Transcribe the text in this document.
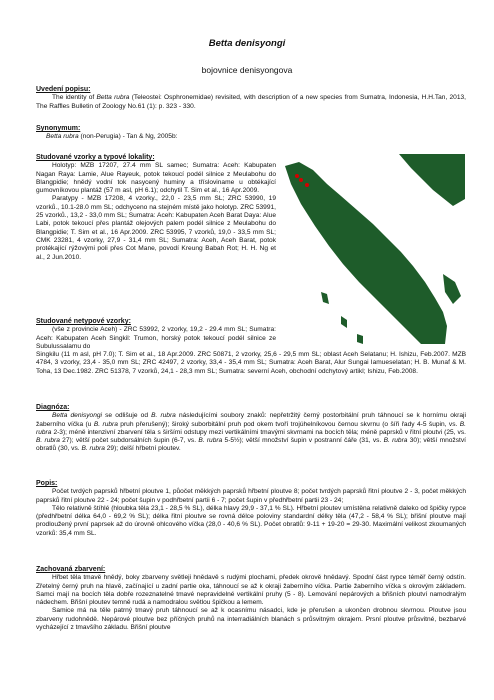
Betta denisyongi
bojovnice denisyongova
Uvedení popisu:
The identity of Betta rubra (Teleostei: Osphronemidae) revisited, with description of a new species from Sumatra, Indonesia, H.H.Tan, 2013, The Raffles Bulletin of Zoology No.61 (1): p. 323 - 330.
Synonymum:
Betta rubra (non-Perugia) - Tan & Ng, 2005b:
Studované vzorky a typové lokality:
Holotyp: MZB 17207, 27.4 mm SL samec; Sumatra: Aceh: Kabupaten Nagan Raya: Lamie, Alue Rayeuk, potok tekoucí podél silnice z Meulabohu do Blangpidie; hnědý vodní tok nasycený huminy a třísloviname u obtékající gumovníkovou plantáž (57 m asl, pH 6.1); odchytil T. Sim et al., 16 Apr.2009.
Paratypy - MZB 17208, 4 vzorky., 22,0 - 23,5 mm SL; ZRC 53990, 19 vzorků., 10.1-28.0 mm SL; odchyceno na stejném místě jako holotyp. ZRC 53991, 25 vzorků., 13,2 - 33,0 mm SL; Sumatra: Aceh: Kabupaten Aceh Barat Daya: Alue Labi, potok tekoucí přes plantáž olejových palem podél silnice z Meulabohu do Blangpidie; T. Sim et al., 16 Apr.2009. ZRC 53995, 7 vzorků, 19,0 - 33,5 mm SL; CMK 23281, 4 vzorky, 27,9 - 31,4 mm SL; Sumatra: Aceh, Aceh Barat, potok protékající rýžovými poli přes Cot Mane, povodí Kreung Babah Rot; H. H. Ng et al., 2 Jun.2010.
Studované netypové vzorky:
(vše z provincie Aceh) - ZRC 53992, 2 vzorky, 19,2 - 29.4 mm SL; Sumatra: Aceh: Kabupaten Aceh Singkil: Trumon, horský potok tekoucí podél silnice ze Subulussalamu do
Singkilu (11 m asl, pH 7.0); T. Sim et al., 18 Apr.2009. ZRC 50871, 2 vzorky, 25,6 - 29,5 mm SL; oblast Aceh Selatanu; H. Ishizu, Feb.2007. MZB 4784, 3 vzorky, 23,4 - 35,0 mm SL; ZRC 42497, 2 vzorky, 33,4 - 35,4 mm SL; Sumatra: Aceh Barat, Alur Sungai Iamueselatan; H. B. Munaf & M. Toha, 13 Dec.1982. ZRC 51378, 7 vzorků, 24,1 - 28,3 mm SL; Sumatra: severní Aceh, obchodní odchytový artikl; Ishizu, Feb.2008.
Diagnóza:
Betta denisyongi se odlišuje od B. rubra následujícími soubory znaků: nepřetržitý černý postorbitální pruh táhnoucí se k hornímu okraji žaberního víčka (u B. rubra pruh přerušený); široký suborbitální pruh pod okem tvoří trojúhelníkovou černou skvrnu (o šíři řady 4-5 šupin, vs. B. rubra 2-3); méně intenzivní zbarvení těla s širšími odstupy mezi vertikálními tmavými skvrnami na bocích těla; méně paprsků v řitní ploutvi (25, vs. B. rubra 27); větší počet subdorsálních šupin (6-7, vs. B. rubra 5-5½); větší množství šupin v postranní čáře (31, vs. B. rubra 30); větší množství obratlů (30, vs. B. rubra 29); delší hřbetní ploutev.
Popis:
Počet tvrdých paprsků hřbetní ploutve 1, půočet měkkých paprsků hřbetní ploutve 8; počet tvrdých paprsků řitní ploutve 2 - 3, počet měkkých paprsků řitní ploutve 22 - 24; počet šupin v podhřbetní partii 6 - 7; počet šupin v předhřbetní partii 23 - 24;
Tělo relativně štíhlé (hloubka těla 23,1 - 28,5 % SL), délka hlavy 29,9 - 37,1 % SL). Hřbetní ploutev umístěna relativně daleko od špičky rypce (předhřbetní délka 64,0 - 69,2 % SL); délka řitní ploutve se rovná délce poloviny standardní délky těla (47,2 - 58,4 % SL); břišní ploutve mají prodloužený první paprsek až do úrovně ohlcového víčka (28,0 - 40,6 % SL). Počet obratlů: 9-11 + 19-20 = 29-30. Maximální velikost zkoumaných vzorků: 35,4 mm SL.
Zachovaná zbarvení:
Hřbet těla tmavě hnědý, boky zbarveny světleji hnědavě s rudými plochami, předek okrově hnědavý. Spodní část rypce téměř černý odstín. Zřetelný černý pruh na hlavě, začínající u zadní partie oka, táhnoucí se až k okraji žaberního víčka. Partie žaberního víčka s okrovým základem. Samci mají na bocích těla dobře rozeznatelné tmavé nepravidelné vertikální pruhy (5 - 8). Lemování nepárových a břišních ploutví namodralým nádechem. Břišní ploutev temně rudá a namodralou světlou špičkou a lemem.
Samice má na těle patrný tmavý pruh táhnoucí se až k ocasnímu násadci, kde je přerušen a ukončen drobnou skvrnou. Ploutve jsou zbarveny rudohnědě. Nepárové ploutve bez příčných pruhů na interradiálních blanách s průsvitným okrajem. Prsní ploutve průsvitné, bezbarvé vycházející z tmavšího základu. Břišní ploutve
